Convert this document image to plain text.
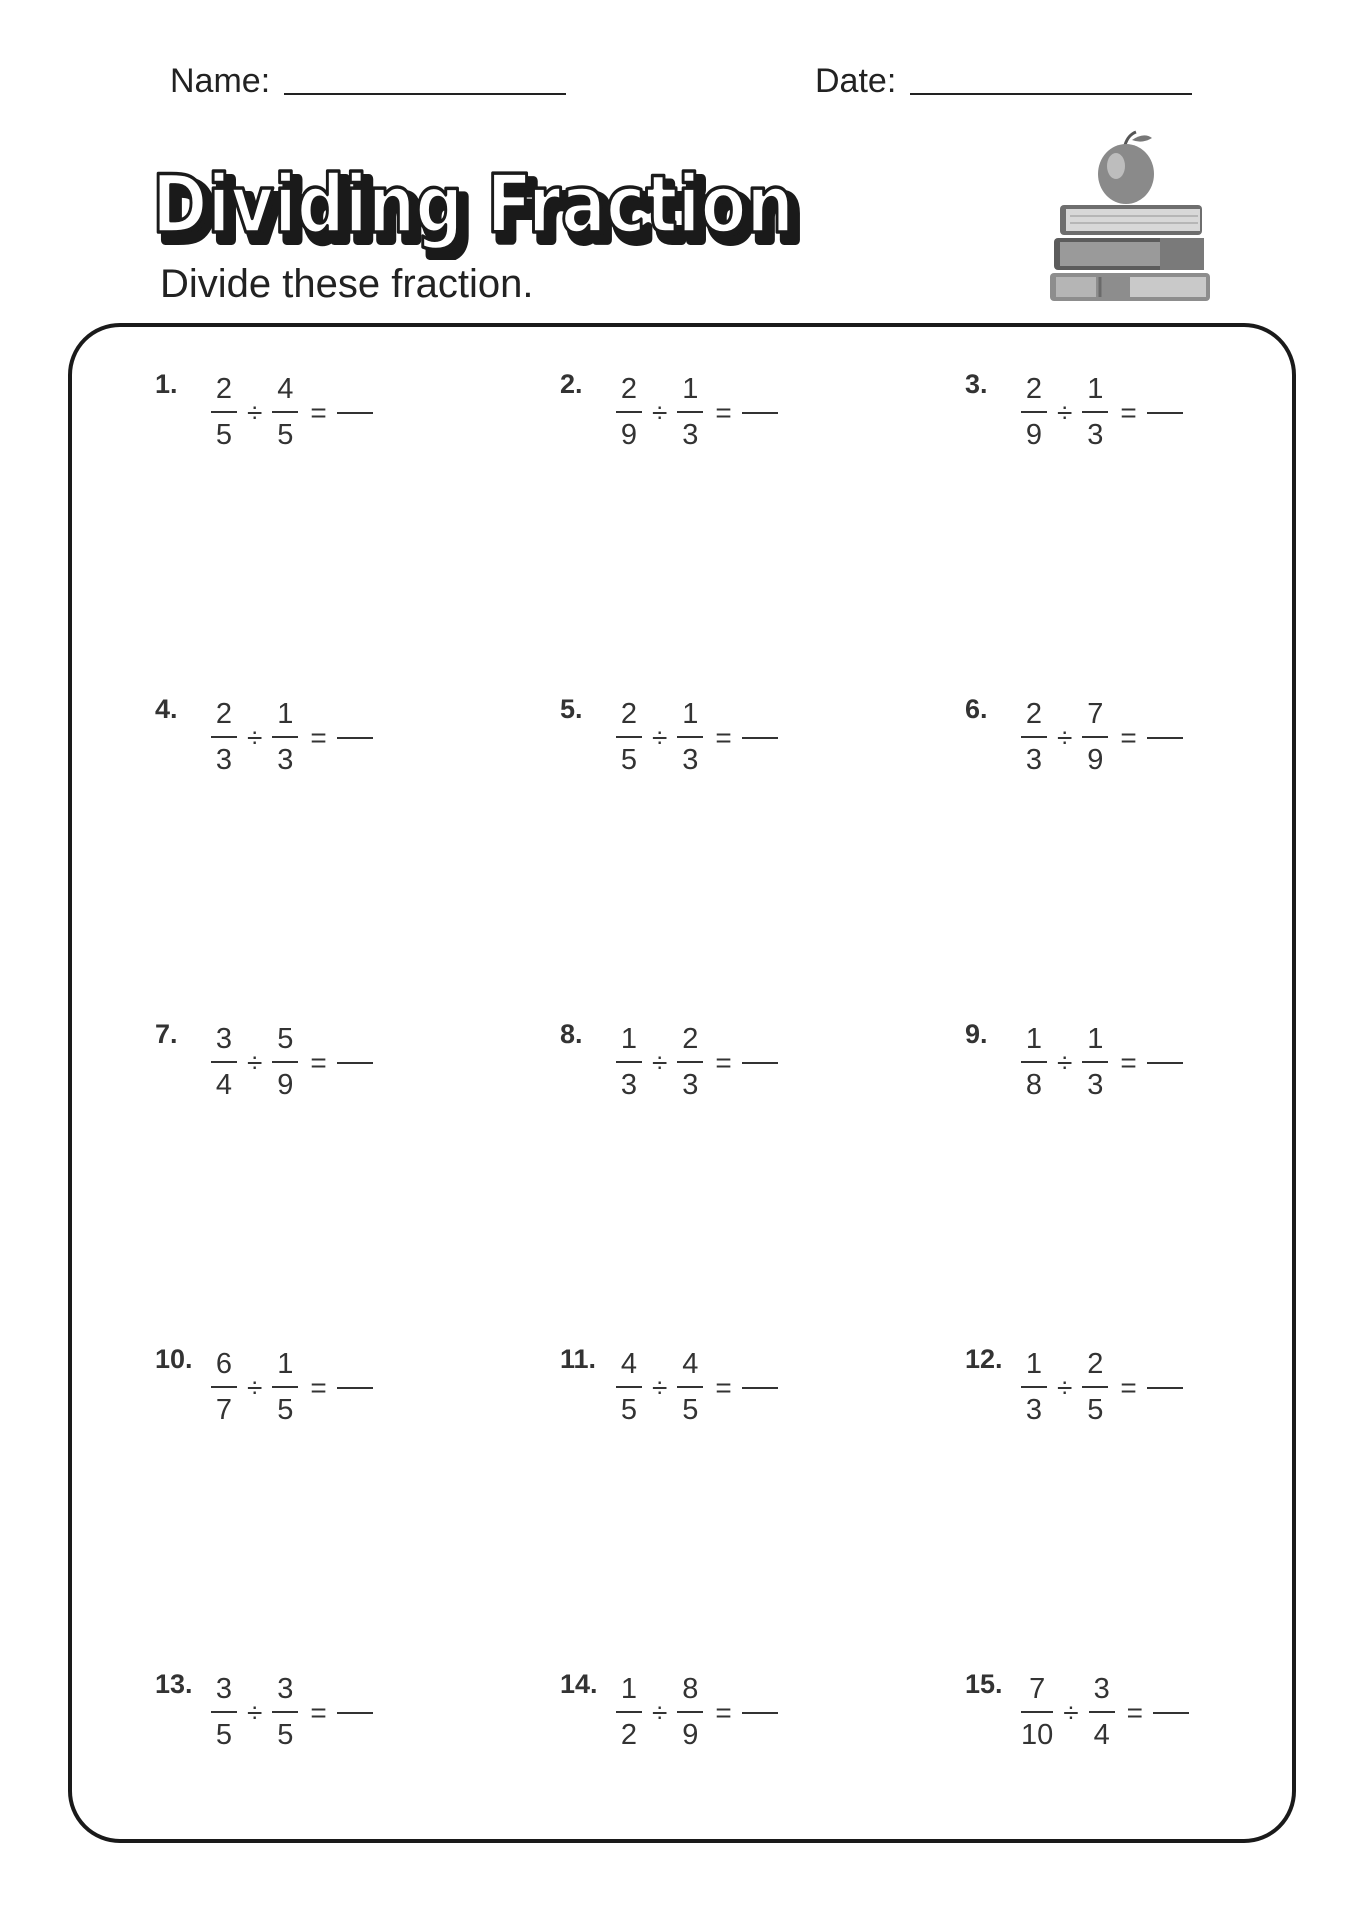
Name:	Date:
Dividing Fraction
Dividing Fraction
Divide these fraction.
1.	$\frac{2}{5} \div \frac{4}{5}$ =
2.	$\frac{2}{9} \div \frac{1}{3}$ =
3.	$\frac{2}{9} \div \frac{1}{3}$ =
4.	$\frac{2}{3} \div \frac{1}{3}$ =
5.	$\frac{2}{5} \div \frac{1}{3}$ =
6.	$\frac{2}{3} \div \frac{7}{9}$ =
7.	$\frac{3}{4} \div \frac{5}{9}$ =
8.	$\frac{1}{3} \div \frac{2}{3}$ =
9.	$\frac{1}{8} \div \frac{1}{3}$ =
10. $\frac{6}{7} \div \frac{1}{5}$ =
11. $\frac{4}{5} \div \frac{4}{5}$ =
12. $\frac{1}{3} \div \frac{2}{5}$ =
13. $\frac{3}{5} \div \frac{3}{5}$ =
14. $\frac{1}{2} \div \frac{8}{9}$ =
15. $\frac{7}{10} \div \frac{3}{4}$ =
